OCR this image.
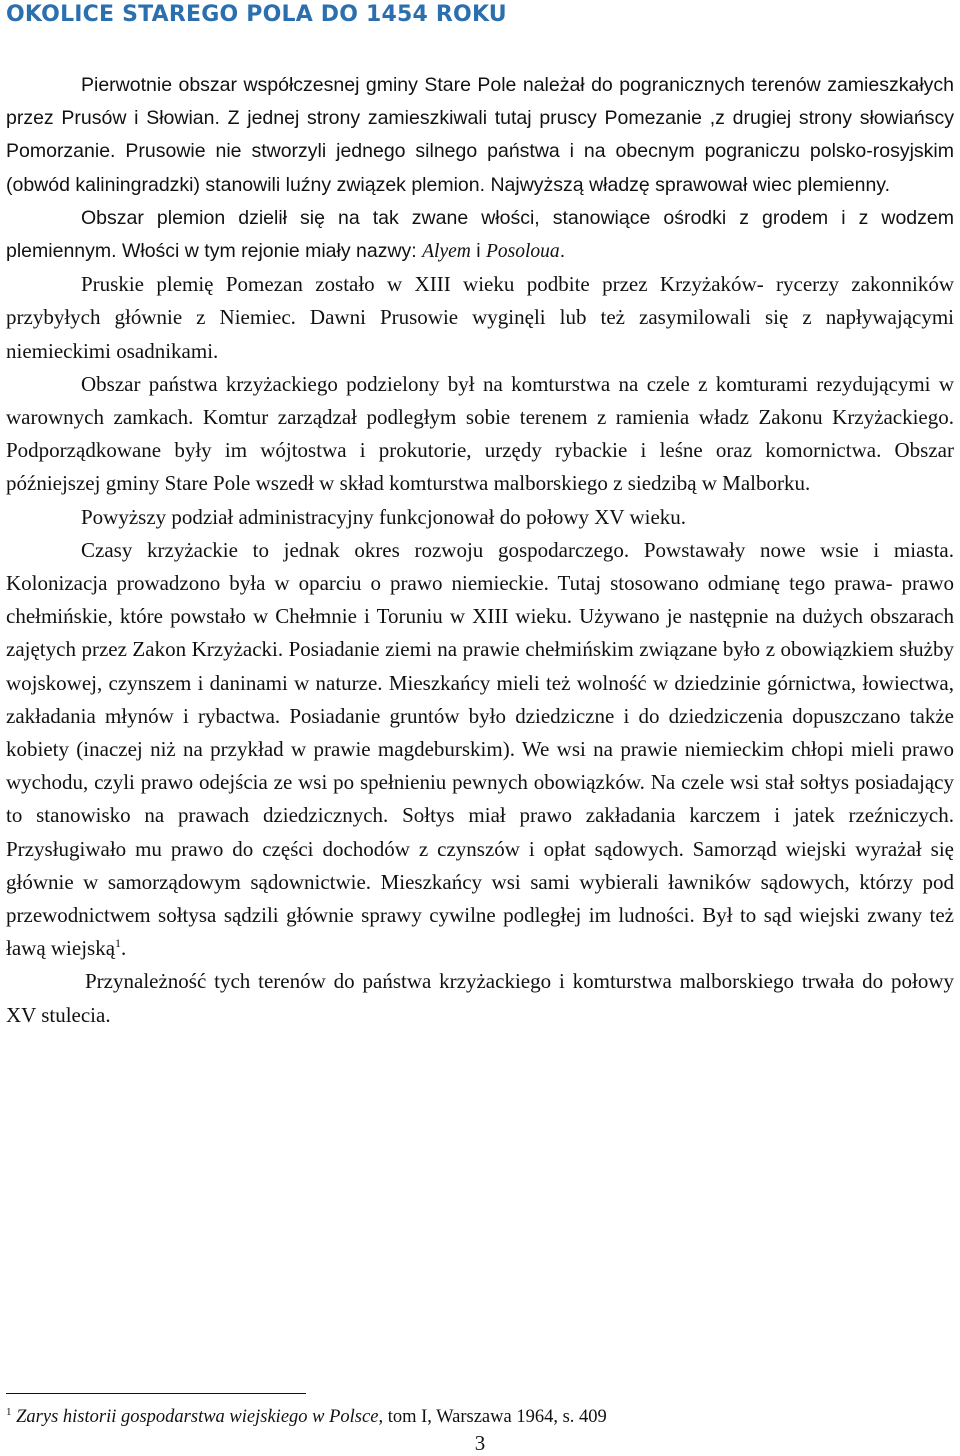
OKOLICE STAREGO POLA DO 1454 ROKU

Pierwotnie obszar współczesnej gminy Stare Pole należał do pogranicznych terenów zamieszkałych przez Prusów i Słowian. Z jednej strony zamieszkiwali tutaj pruscy Pomezanie ,z drugiej strony słowiańscy Pomorzanie. Prusowie nie stworzyli jednego silnego państwa i na obecnym pograniczu polsko-rosyjskim (obwód kaliningradzki) stanowili luźny związek plemion. Najwyższą władzę sprawował wiec plemienny.

Obszar plemion dzielił się na tak zwane włości, stanowiące ośrodki z grodem i z wodzem plemiennym. Włości w tym rejonie miały nazwy: Alyem i Posoloua.

Pruskie plemię Pomezan zostało w XIII wieku podbite przez Krzyżaków- rycerzy zakonników przybyłych głównie z Niemiec. Dawni Prusowie wyginęli lub też zasymilowali się z napływającymi niemieckimi osadnikami.

Obszar państwa krzyżackiego podzielony był na komturstwa na czele z komturami rezydującymi w warownych zamkach. Komtur zarządzał podległym sobie terenem z ramienia władz Zakonu Krzyżackiego. Podporządkowane były im wójtostwa i prokutorie, urzędy rybackie i leśne oraz komornictwa. Obszar późniejszej gminy Stare Pole wszedł w skład komturstwa malborskiego z siedzibą w Malborku.

Powyższy podział administracyjny funkcjonował do połowy XV wieku.

Czasy krzyżackie to jednak okres rozwoju gospodarczego. Powstawały nowe wsie i miasta. Kolonizacja prowadzono była w oparciu o prawo niemieckie. Tutaj stosowano odmianę tego prawa- prawo chełmińskie, które powstało w Chełmnie i Toruniu w XIII wieku. Używano je następnie na dużych obszarach zajętych przez Zakon Krzyżacki. Posiadanie ziemi na prawie chełmińskim związane było z obowiązkiem służby wojskowej, czynszem i daninami w naturze. Mieszkańcy mieli też wolność w dziedzinie górnictwa, łowiectwa, zakładania młynów i rybactwa. Posiadanie gruntów było dziedziczne i do dziedziczenia dopuszczano także kobiety (inaczej niż na przykład w prawie magdeburskim). We wsi na prawie niemieckim chłopi mieli prawo wychodu, czyli prawo odejścia ze wsi po spełnieniu pewnych obowiązków. Na czele wsi stał sołtys posiadający to stanowisko na prawach dziedzicznych. Sołtys miał prawo zakładania karczem i jatek rzeźniczych. Przysługiwało mu prawo do części dochodów z czynszów i opłat sądowych. Samorząd wiejski wyrażał się głównie w samorządowym sądownictwie. Mieszkańcy wsi sami wybierali ławników sądowych, którzy pod przewodnictwem sołtysa sądzili głównie sprawy cywilne podległej im ludności. Był to sąd wiejski zwany też ławą wiejską$^1$.

Przynależność tych terenów do państwa krzyżackiego i komturstwa malborskiego trwała do połowy XV stulecia.

$^1$ Zarys historii gospodarstwa wiejskiego w Polsce, tom I, Warszawa 1964, s. 409

3
